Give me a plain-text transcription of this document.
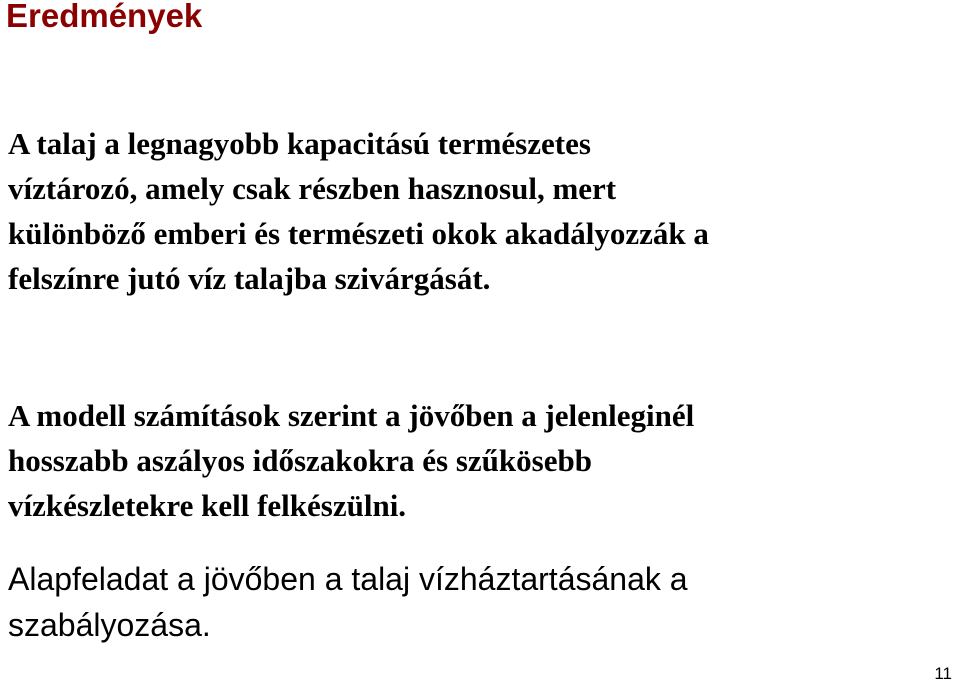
Eredmények

A talaj a legnagyobb kapacitású természetes
víztározó, amely csak részben hasznosul, mert
különböző emberi és természeti okok akadályozzák a
felszínre jutó víz talajba szivárgását.

A modell számítások szerint a jövőben a jelenleginél
hosszabb aszályos időszakokra és szűkösebb
vízkészletekre kell felkészülni.

Alapfeladat a jövőben a talaj vízháztartásának a
szabályozása.

11
